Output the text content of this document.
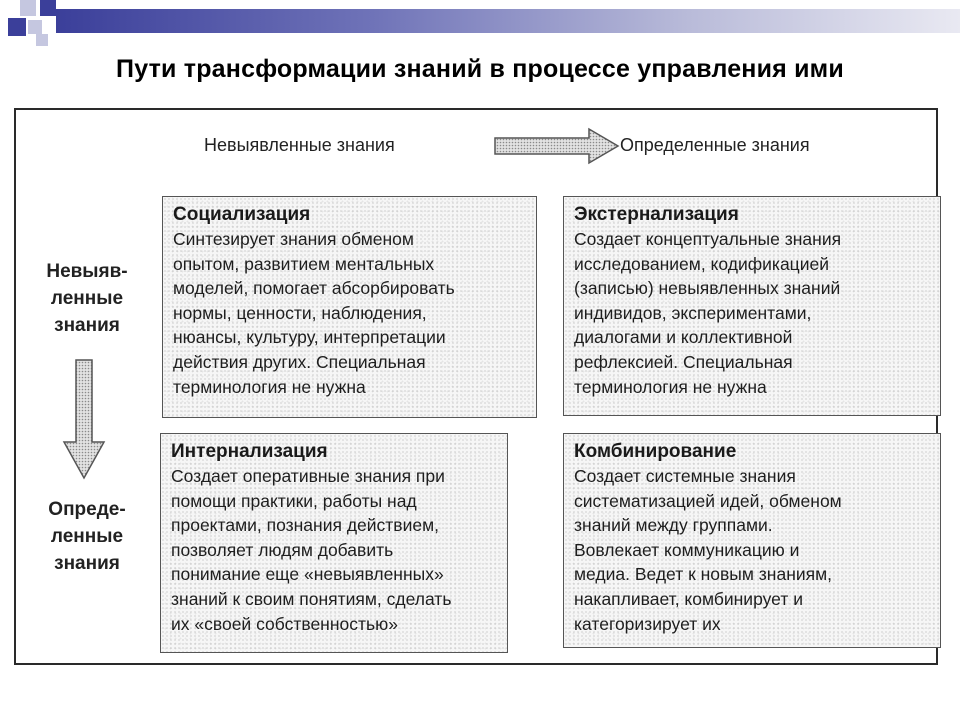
Пути трансформации знаний в процессе управления ими
Невыявленные знания	Определенные знания
Невыяв-
ленные
знания
Опреде-
ленные
знания
Социализация
Синтезирует знания обменом
опытом, развитием ментальных
моделей, помогает абсорбировать
нормы, ценности, наблюдения,
нюансы, культуру, интерпретации
действия других. Специальная
терминология не нужна
Экстернализация
Создает концептуальные знания
исследованием, кодификацией
(записью) невыявленных знаний
индивидов, экспериментами,
диалогами и коллективной
рефлексией. Специальная
терминология не нужна
Интернализация
Создает оперативные знания при
помощи практики, работы над
проектами, познания действием,
позволяет людям добавить
понимание еще «невыявленных»
знаний к своим понятиям, сделать
их «своей собственностью»
Комбинирование
Создает системные знания
систематизацией идей, обменом
знаний между группами.
Вовлекает коммуникацию и
медиа. Ведет к новым знаниям,
накапливает, комбинирует и
категоризирует их
